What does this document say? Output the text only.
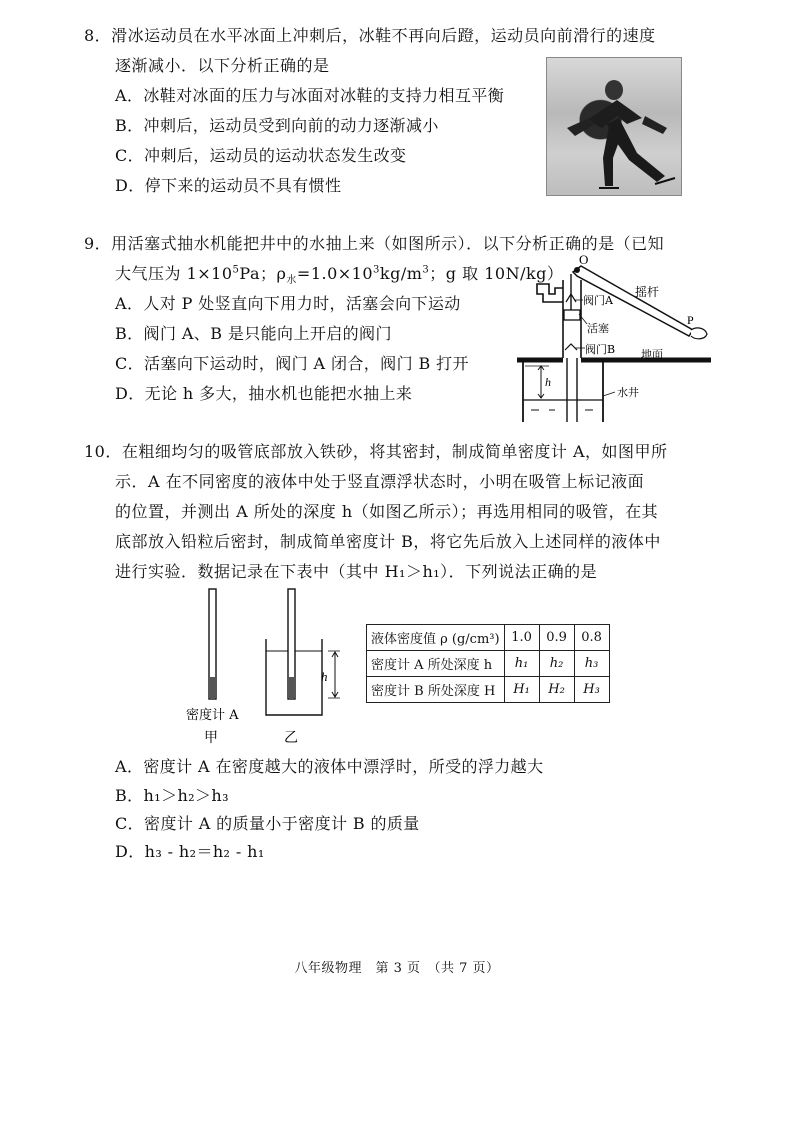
8．滑冰运动员在水平冰面上冲刺后，冰鞋不再向后蹬，运动员向前滑行的速度
逐渐减小．以下分析正确的是
A．冰鞋对冰面的压力与冰面对冰鞋的支持力相互平衡
B．冲刺后，运动员受到向前的动力逐渐减小
C．冲刺后，运动员的运动状态发生改变
D．停下来的运动员不具有惯性
9．用活塞式抽水机能把井中的水抽上来（如图所示）．以下分析正确的是（已知
大气压为 $1\times 10^5Pa$；$\rho_水=1.0\times 10^3kg/m^3$；g 取 10N/kg）
A．人对 P 处竖直向下用力时，活塞会向下运动
B．阀门 A、B 是只能向上开启的阀门
C．活塞向下运动时，阀门 A 闭合，阀门 B 打开
D．无论 h 多大，抽水机也能把水抽上来
O
摇杆
P
阀门A
活塞
阀门B 地面
h
水井
10．在粗细均匀的吸管底部放入铁砂，将其密封，制成简单密度计 A，如图甲所
示．A 在不同密度的液体中处于竖直漂浮状态时，小明在吸管上标记液面
的位置，并测出 A 所处的深度 h（如图乙所示）；再选用相同的吸管，在其
底部放入铅粒后密封，制成简单密度计 B，将它先后放入上述同样的液体中
进行实验．数据记录在下表中（其中 H₁＞h₁）．下列说法正确的是
h
密度计 A
甲	乙
液体密度值 ρ (g/cm³)	1.0	0.9	0.8
密度计 A 所处深度 h	h₁	h₂	h₃
密度计 B 所处深度 H	H₁	H₂	H₃
A．密度计 A 在密度越大的液体中漂浮时，所受的浮力越大
B．h₁＞h₂＞h₃
C．密度计 A 的质量小于密度计 B 的质量
D．h₃ - h₂＝h₂ - h₁
八年级物理　第 3 页　（共 7 页）
